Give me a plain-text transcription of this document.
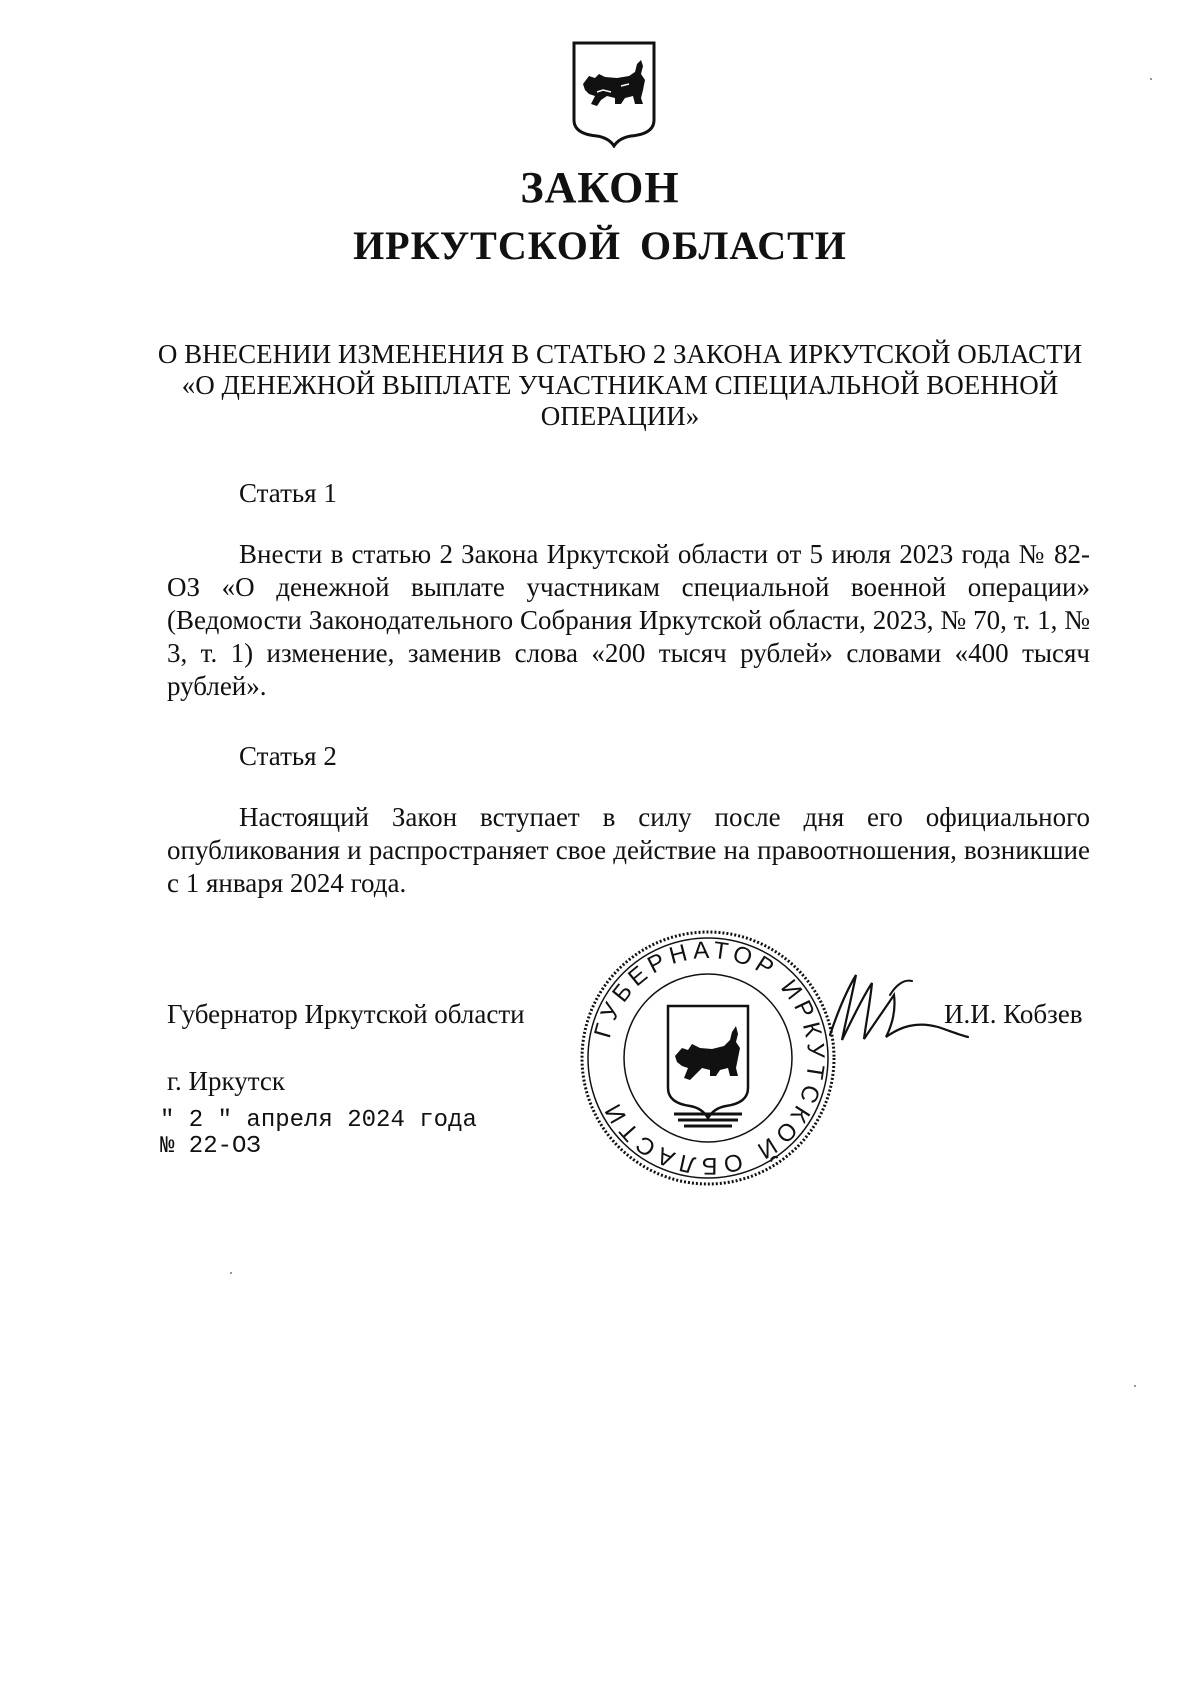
ЗАКОН
ИРКУТСКОЙ ОБЛАСТИ
О ВНЕСЕНИИ ИЗМЕНЕНИЯ В СТАТЬЮ 2 ЗАКОНА ИРКУТСКОЙ ОБЛАСТИ «О ДЕНЕЖНОЙ ВЫПЛАТЕ УЧАСТНИКАМ СПЕЦИАЛЬНОЙ ВОЕННОЙ ОПЕРАЦИИ»
Статья 1
Внести в статью 2 Закона Иркутской области от 5 июля 2023 года № 82-ОЗ «О денежной выплате участникам специальной военной операции» (Ведомости Законодательного Собрания Иркутской области, 2023, № 70, т. 1, № 3, т. 1) изменение, заменив слова «200 тысяч рублей» словами «400 тысяч рублей».
Статья 2
Настоящий Закон вступает в силу после дня его официального опубликования и распространяет свое действие на правоотношения, возникшие с 1 января 2024 года.
Губернатор Иркутской области
г. Иркутск
" 2 " апреля 2024 года
№ 22-ОЗ
ГУБЕРНАТОР ИРКУТСКОЙ ОБЛАСТИ
И.И. Кобзев
